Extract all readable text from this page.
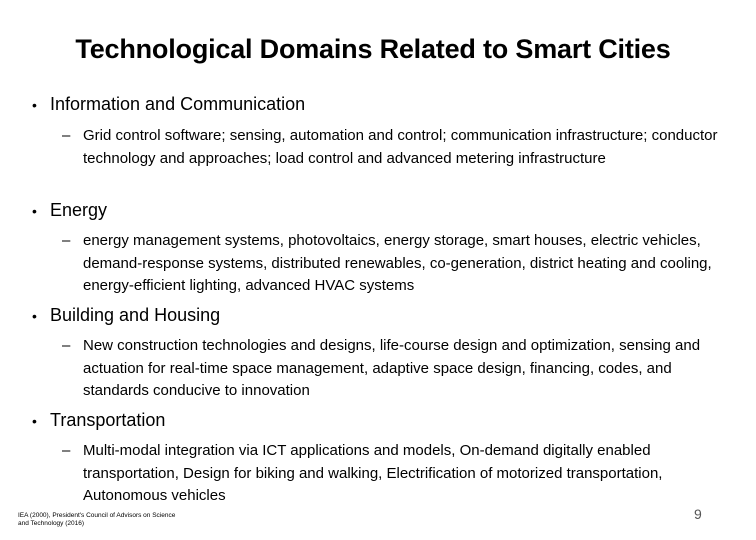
Technological Domains Related to Smart Cities
• Information and Communication
– Grid control software; sensing, automation and control; communication infrastructure; conductor technology and approaches; load control and advanced metering infrastructure
• Energy
– energy management systems, photovoltaics, energy storage, smart houses, electric vehicles, demand-response systems, distributed renewables, co-generation, district heating and cooling, energy-efficient lighting, advanced HVAC systems
• Building and Housing
– New construction technologies and designs, life-course design and optimization, sensing and actuation for real-time space management, adaptive space design, financing, codes, and standards conducive to innovation
• Transportation
– Multi-modal integration via ICT applications and models, On-demand digitally enabled transportation, Design for biking and walking, Electrification of motorized transportation, Autonomous vehicles
IEA (2000), President's Council of Advisors on Science and Technology (2016)
9
